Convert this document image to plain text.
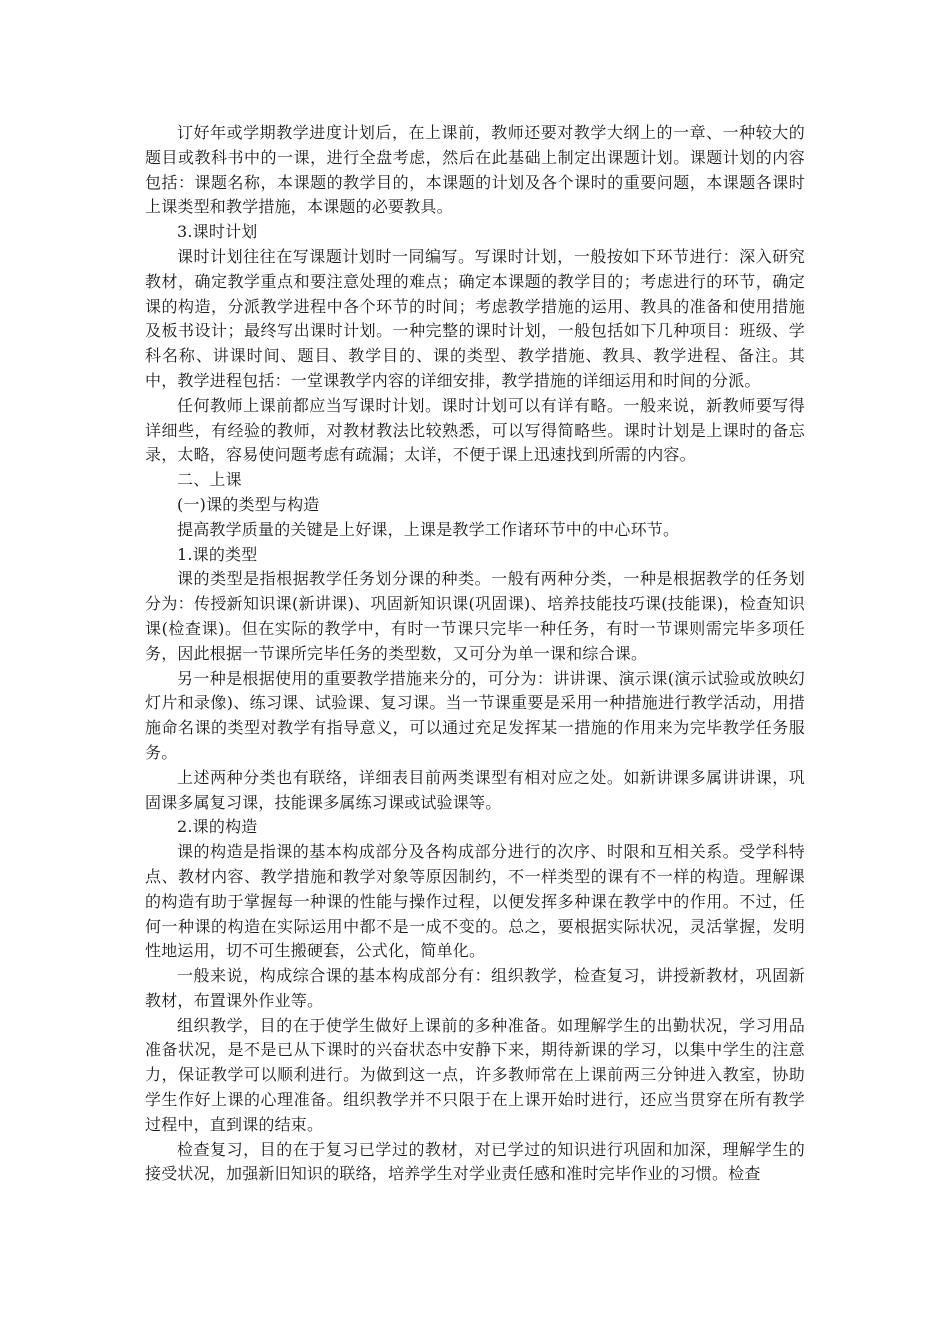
订好年或学期教学进度计划后，在上课前，教师还要对教学大纲上的一章、一种较大的题目或教科书中的一课，进行全盘考虑，然后在此基础上制定出课题计划。课题计划的内容包括：课题名称，本课题的教学目的，本课题的计划及各个课时的重要问题，本课题各课时上课类型和教学措施，本课题的必要教具。

3.课时计划

课时计划往往在写课题计划时一同编写。写课时计划，一般按如下环节进行：深入研究教材，确定教学重点和要注意处理的难点；确定本课题的教学目的；考虑进行的环节，确定课的构造，分派教学进程中各个环节的时间；考虑教学措施的运用、教具的准备和使用措施及板书设计；最终写出课时计划。一种完整的课时计划，一般包括如下几种项目：班级、学科名称、讲课时间、题目、教学目的、课的类型、教学措施、教具、教学进程、备注。其中，教学进程包括：一堂课教学内容的详细安排，教学措施的详细运用和时间的分派。

任何教师上课前都应当写课时计划。课时计划可以有详有略。一般来说，新教师要写得详细些，有经验的教师，对教材教法比较熟悉，可以写得简略些。课时计划是上课时的备忘录，太略，容易使问题考虑有疏漏；太详，不便于课上迅速找到所需的内容。

二、上课

(一)课的类型与构造

提高教学质量的关键是上好课，上课是教学工作诸环节中的中心环节。

1.课的类型

课的类型是指根据教学任务划分课的种类。一般有两种分类，一种是根据教学的任务划分为：传授新知识课(新讲课)、巩固新知识课(巩固课)、培养技能技巧课(技能课)，检查知识课(检查课)。但在实际的教学中，有时一节课只完毕一种任务，有时一节课则需完毕多项任务，因此根据一节课所完毕任务的类型数，又可分为单一课和综合课。

另一种是根据使用的重要教学措施来分的，可分为：讲讲课、演示课(演示试验或放映幻灯片和录像)、练习课、试验课、复习课。当一节课重要是采用一种措施进行教学活动，用措施命名课的类型对教学有指导意义，可以通过充足发挥某一措施的作用来为完毕教学任务服务。

上述两种分类也有联络，详细表目前两类课型有相对应之处。如新讲课多属讲讲课，巩固课多属复习课，技能课多属练习课或试验课等。

2.课的构造

课的构造是指课的基本构成部分及各构成部分进行的次序、时限和互相关系。受学科特点、教材内容、教学措施和教学对象等原因制约，不一样类型的课有不一样的构造。理解课的构造有助于掌握每一种课的性能与操作过程，以便发挥多种课在教学中的作用。不过，任何一种课的构造在实际运用中都不是一成不变的。总之，要根据实际状况，灵活掌握，发明性地运用，切不可生搬硬套，公式化，简单化。

一般来说，构成综合课的基本构成部分有：组织教学，检查复习，讲授新教材，巩固新教材，布置课外作业等。

组织教学，目的在于使学生做好上课前的多种准备。如理解学生的出勤状况，学习用品准备状况，是不是已从下课时的兴奋状态中安静下来，期待新课的学习，以集中学生的注意力，保证教学可以顺利进行。为做到这一点，许多教师常在上课前两三分钟进入教室，协助学生作好上课的心理准备。组织教学并不只限于在上课开始时进行，还应当贯穿在所有教学过程中，直到课的结束。

检查复习，目的在于复习已学过的教材，对已学过的知识进行巩固和加深，理解学生的接受状况，加强新旧知识的联络，培养学生对学业责任感和准时完毕作业的习惯。检查
